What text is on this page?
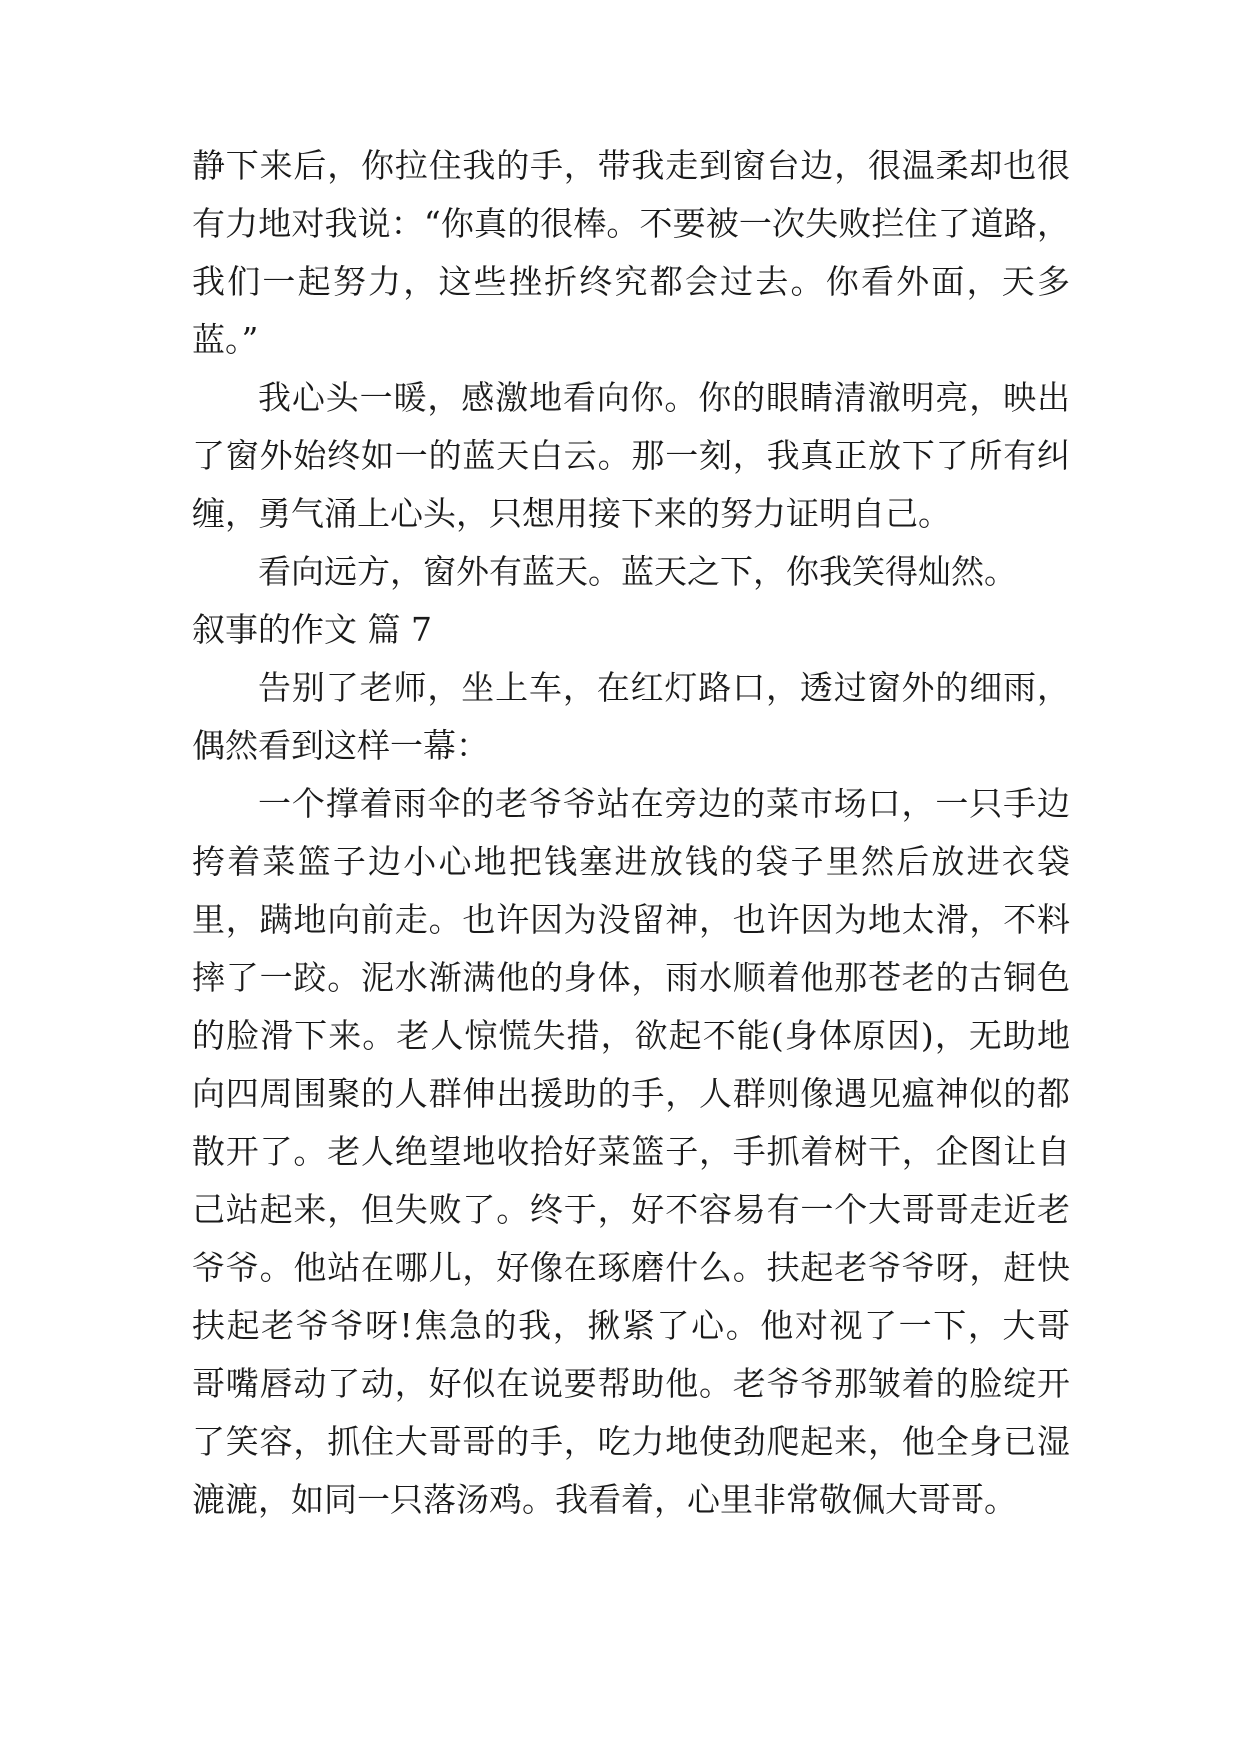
静下来后，你拉住我的手，带我走到窗台边，很温柔却也很
有力地对我说：“你真的很棒。不要被一次失败拦住了道路，
我们一起努力，这些挫折终究都会过去。你看外面，天多
蓝。”
我心头一暖，感激地看向你。你的眼睛清澈明亮，映出
了窗外始终如一的蓝天白云。那一刻，我真正放下了所有纠
缠，勇气涌上心头，只想用接下来的努力证明自己。
看向远方，窗外有蓝天。蓝天之下，你我笑得灿然。
叙事的作文 篇 7
告别了老师，坐上车，在红灯路口，透过窗外的细雨，
偶然看到这样一幕：
一个撑着雨伞的老爷爷站在旁边的菜市场口，一只手边
挎着菜篮子边小心地把钱塞进放钱的袋子里然后放进衣袋
里，蹒地向前走。也许因为没留神，也许因为地太滑，不料
摔了一跤。泥水渐满他的身体，雨水顺着他那苍老的古铜色
的脸滑下来。老人惊慌失措，欲起不能(身体原因)，无助地
向四周围聚的人群伸出援助的手，人群则像遇见瘟神似的都
散开了。老人绝望地收拾好菜篮子，手抓着树干，企图让自
己站起来，但失败了。终于，好不容易有一个大哥哥走近老
爷爷。他站在哪儿，好像在琢磨什么。扶起老爷爷呀，赶快
扶起老爷爷呀!焦急的我，揪紧了心。他对视了一下，大哥
哥嘴唇动了动，好似在说要帮助他。老爷爷那皱着的脸绽开
了笑容，抓住大哥哥的手，吃力地使劲爬起来，他全身已湿
漉漉，如同一只落汤鸡。我看着，心里非常敬佩大哥哥。
